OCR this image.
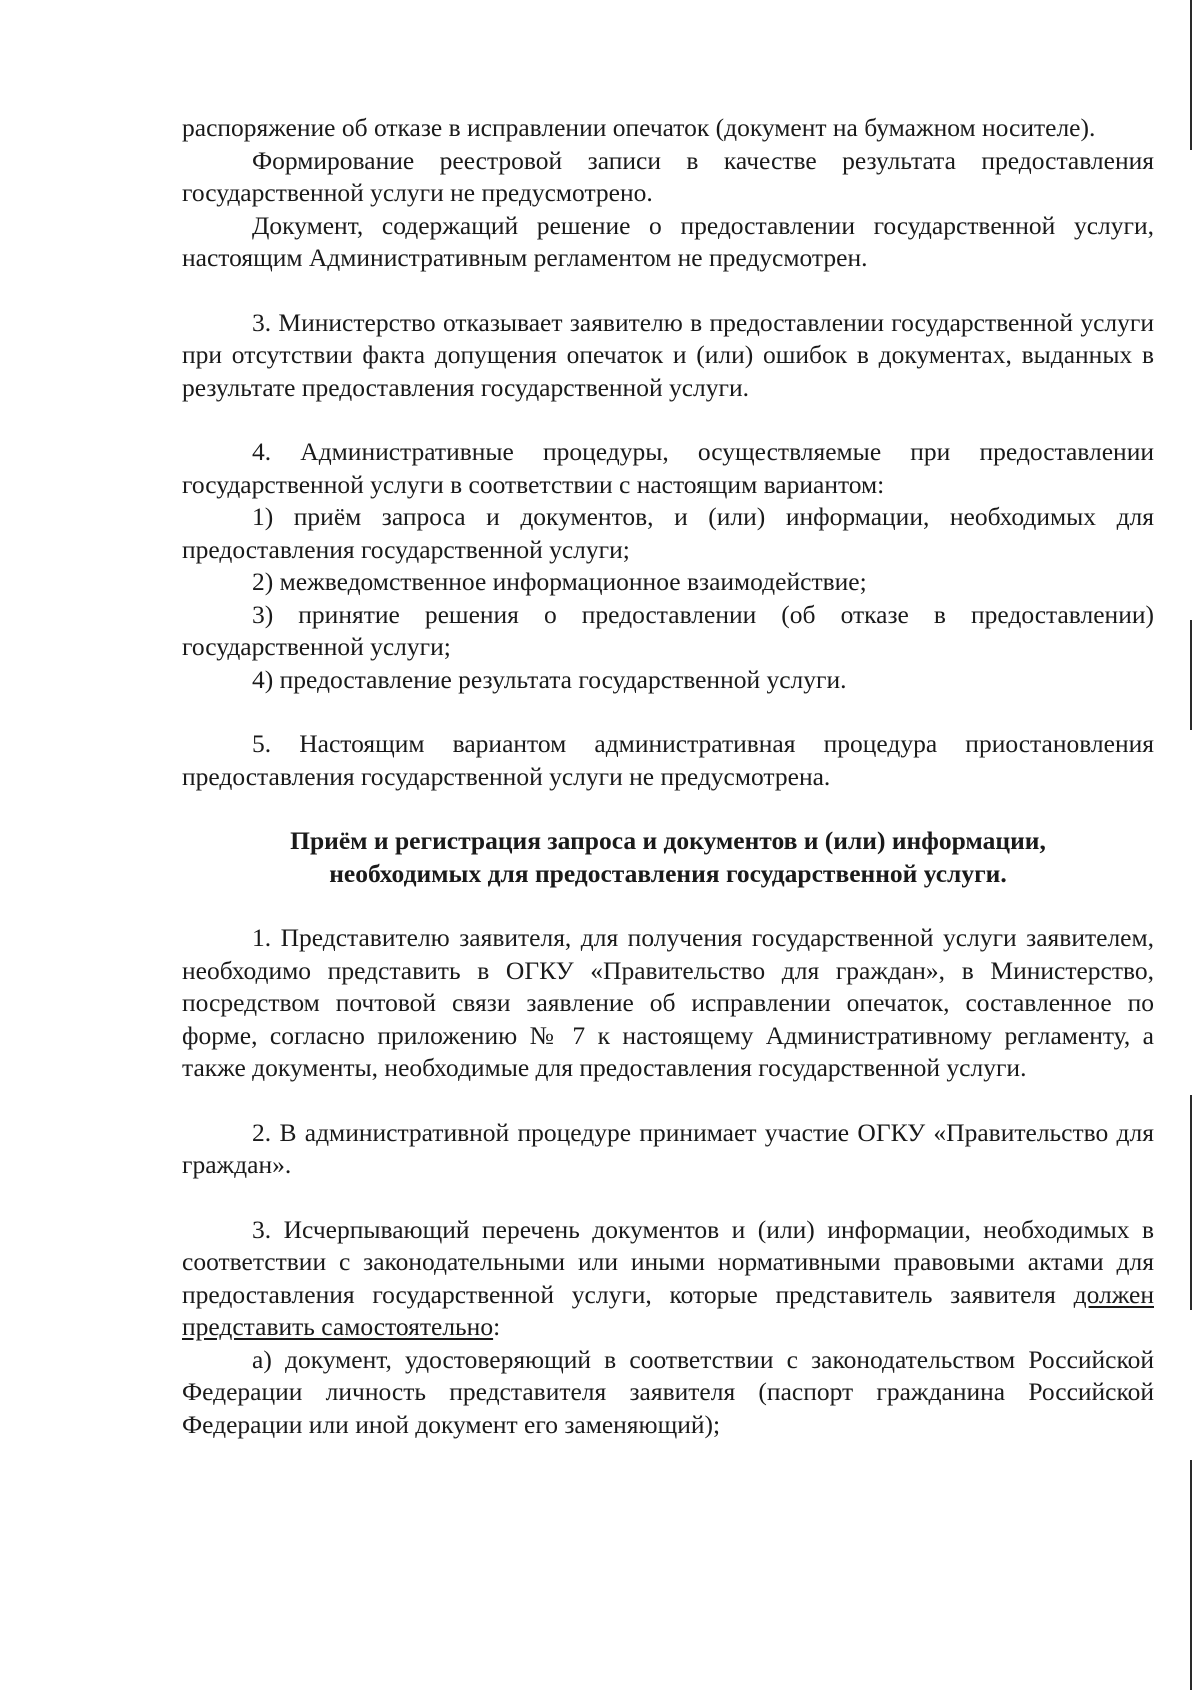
распоряжение об отказе в исправлении опечаток (документ на бумажном носителе).

Формирование реестровой записи в качестве результата предоставления государственной услуги не предусмотрено.

Документ, содержащий решение о предоставлении государственной услуги, настоящим Административным регламентом не предусмотрен.

3. Министерство отказывает заявителю в предоставлении государственной услуги при отсутствии факта допущения опечаток и (или) ошибок в документах, выданных в результате предоставления государственной услуги.

4. Административные процедуры, осуществляемые при предоставлении государственной услуги в соответствии с настоящим вариантом:

1) приём запроса и документов, и (или) информации, необходимых для предоставления государственной услуги;

2) межведомственное информационное взаимодействие;

3) принятие решения о предоставлении (об отказе в предоставлении) государственной услуги;

4) предоставление результата государственной услуги.

5. Настоящим вариантом административная процедура приостановления предоставления государственной услуги не предусмотрена.

Приём и регистрация запроса и документов и (или) информации, необходимых для предоставления государственной услуги.

1. Представителю заявителя, для получения государственной услуги заявителем, необходимо представить в ОГКУ «Правительство для граждан», в Министерство, посредством почтовой связи заявление об исправлении опечаток, составленное по форме, согласно приложению № 7 к настоящему Административному регламенту, а также документы, необходимые для предоставления государственной услуги.

2. В административной процедуре принимает участие ОГКУ «Правительство для граждан».

3. Исчерпывающий перечень документов и (или) информации, необходимых в соответствии с законодательными или иными нормативными правовыми актами для предоставления государственной услуги, которые представитель заявителя должен представить самостоятельно:

а) документ, удостоверяющий в соответствии с законодательством Российской Федерации личность представителя заявителя (паспорт гражданина Российской Федерации или иной документ его заменяющий);
